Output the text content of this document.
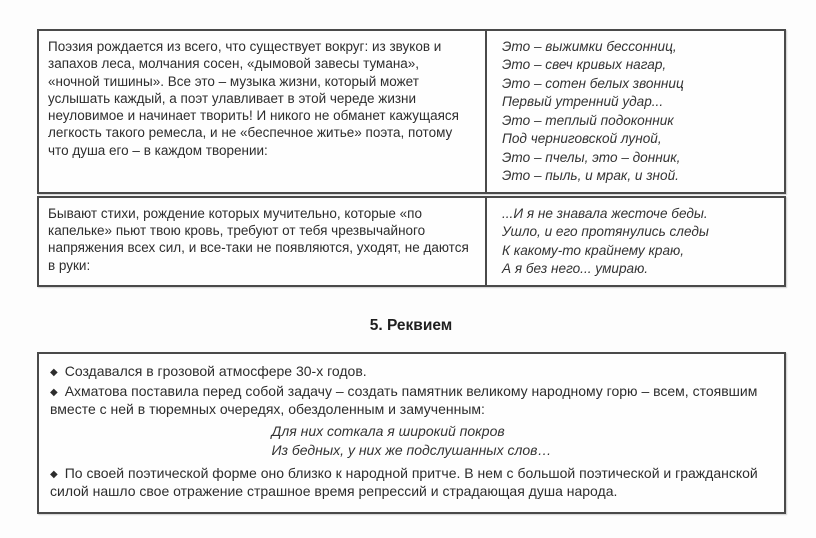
Поэзия рождается из всего, что существует вокруг: из звуков и запахов леса, молчания сосен, «дымовой завесы тумана», «ночной тишины». Все это – музыка жизни, который может услышать каждый, а поэт улавливает в этой череде жизни неуловимое и начинает творить! И никого не обманет кажущаяся легкость такого ремесла, и не «беспечное житье» поэта, потому что душа его – в каждом творении:

Это – выжимки бессонниц,
Это – свеч кривых нагар,
Это – сотен белых звонниц
Первый утренний удар...
Это – теплый подоконник
Под черниговской луной,
Это – пчелы, это – донник,
Это – пыль, и мрак, и зной.

Бывают стихи, рождение которых мучительно, которые «по капельке» пьют твою кровь, требуют от тебя чрезвычайного напряжения всех сил, и все-таки не появляются, уходят, не даются в руки:

...И я не знавала жесточе беды.
Ушло, и его протянулись следы
К какому-то крайнему краю,
А я без него... умираю.
5. Реквием

◆ Создавался в грозовой атмосфере 30-х годов.

◆ Ахматова поставила перед собой задачу – создать памятник великому народному горю – всем, стоявшим вместе с ней в тюремных очередях, обездоленным и замученным:

Для них соткала я широкий покров
Из бедных, у них же подслушанных слов…

◆ По своей поэтической форме оно близко к народной притче. В нем с большой поэтической и гражданской силой нашло свое отражение страшное время репрессий и страдающая душа народа.
